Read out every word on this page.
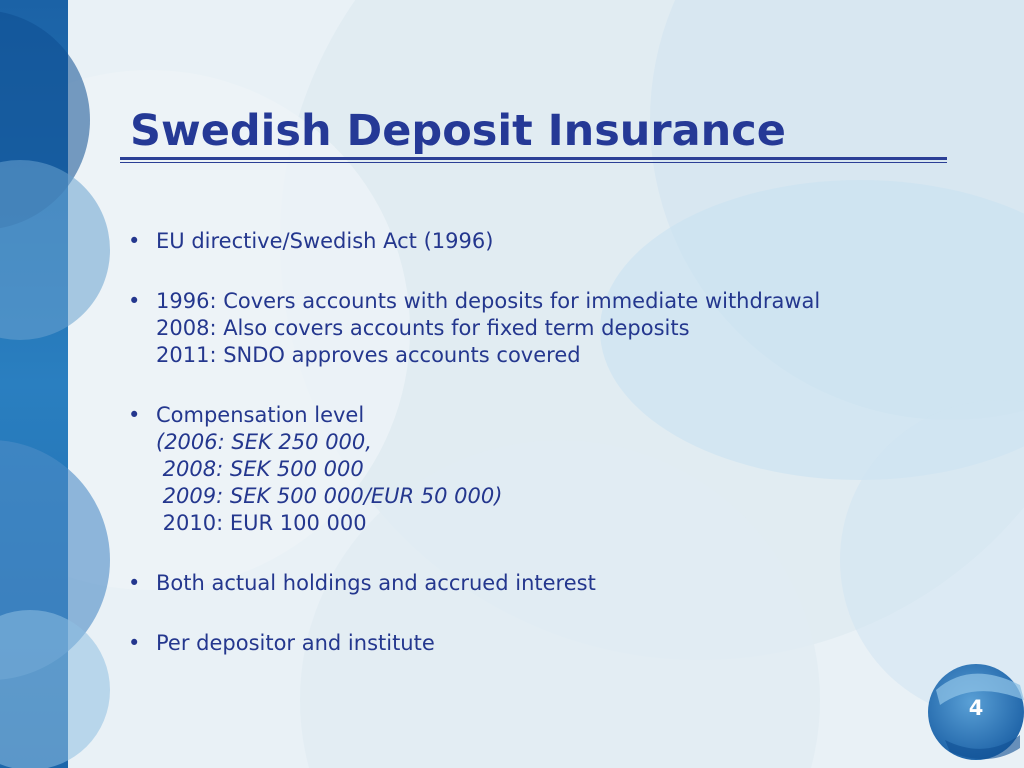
Swedish Deposit Insurance
• EU directive/Swedish Act (1996)
• 1996: Covers accounts with deposits for immediate withdrawal
2008: Also covers accounts for fixed term deposits
2011: SNDO approves accounts covered
• Compensation level
(2006: SEK 250 000,
2008: SEK 500 000
2009: SEK 500 000/EUR 50 000)
2010: EUR 100 000
• Both actual holdings and accrued interest
• Per depositor and institute
4
